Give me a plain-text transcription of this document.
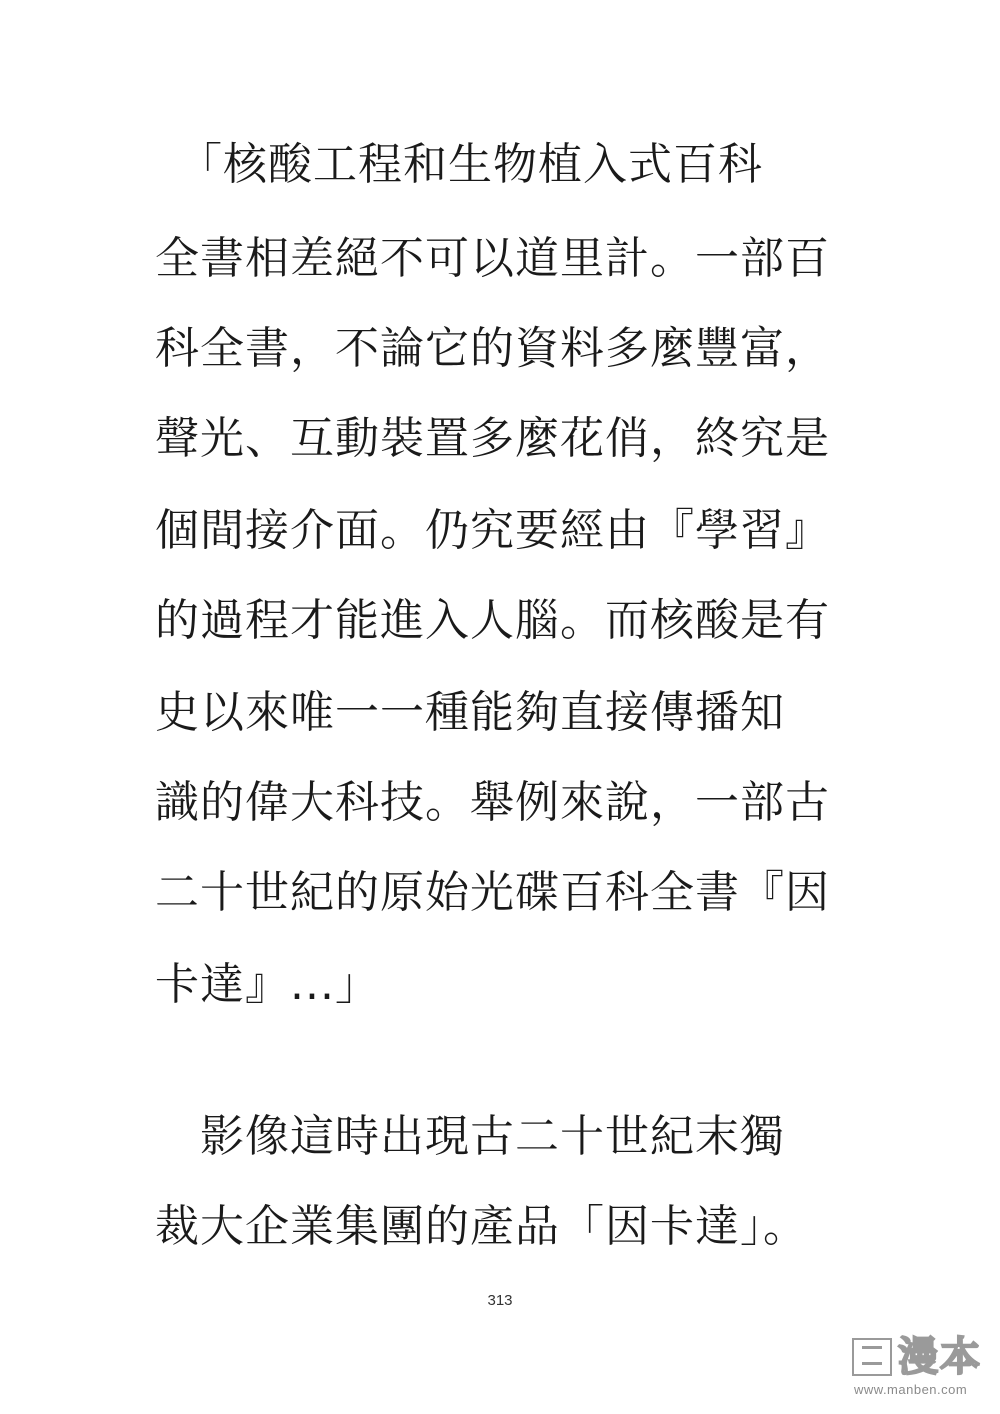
　「核酸工程和生物植入式百科
全書相差絕不可以道里計。一部百
科全書，不論它的資料多麼豐富，
聲光、互動裝置多麼花俏，終究是
個間接介面。仍究要經由『學習』
的過程才能進入人腦。而核酸是有
史以來唯一一種能夠直接傳播知
識的偉大科技。舉例來說，一部古
二十世紀的原始光碟百科全書『因
卡達』...」
　影像這時出現古二十世紀末獨
裁大企業集團的產品「因卡達」。
313
漫本
www.manben.com
